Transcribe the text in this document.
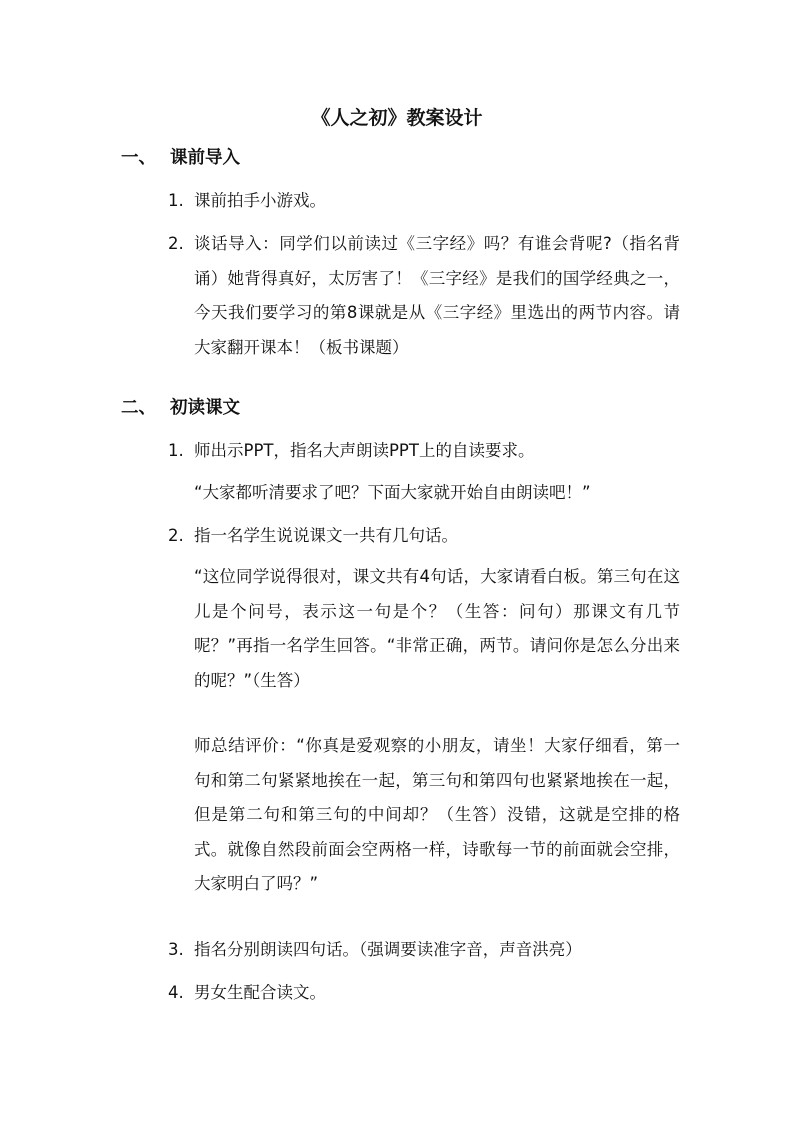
《人之初》教案设计
一、 课前导入
1. 课前拍手小游戏。
2. 谈话导入：同学们以前读过《三字经》吗？有谁会背呢?（指名背诵）她背得真好，太厉害了！《三字经》是我们的国学经典之一，今天我们要学习的第8课就是从《三字经》里选出的两节内容。请大家翻开课本！（板书课题）
二、 初读课文
1. 师出示PPT，指名大声朗读PPT上的自读要求。
“大家都听清要求了吧？下面大家就开始自由朗读吧！”
2. 指一名学生说说课文一共有几句话。
“这位同学说得很对，课文共有4句话，大家请看白板。第三句在这儿是个问号，表示这一句是个？（生答：问句）那课文有几节呢？”再指一名学生回答。“非常正确，两节。请问你是怎么分出来的呢？”（生答）
师总结评价：“你真是爱观察的小朋友，请坐！大家仔细看，第一句和第二句紧紧地挨在一起，第三句和第四句也紧紧地挨在一起，但是第二句和第三句的中间却？（生答）没错，这就是空排的格式。就像自然段前面会空两格一样，诗歌每一节的前面就会空排，大家明白了吗？”
3. 指名分别朗读四句话。（强调要读准字音，声音洪亮）
4. 男女生配合读文。
